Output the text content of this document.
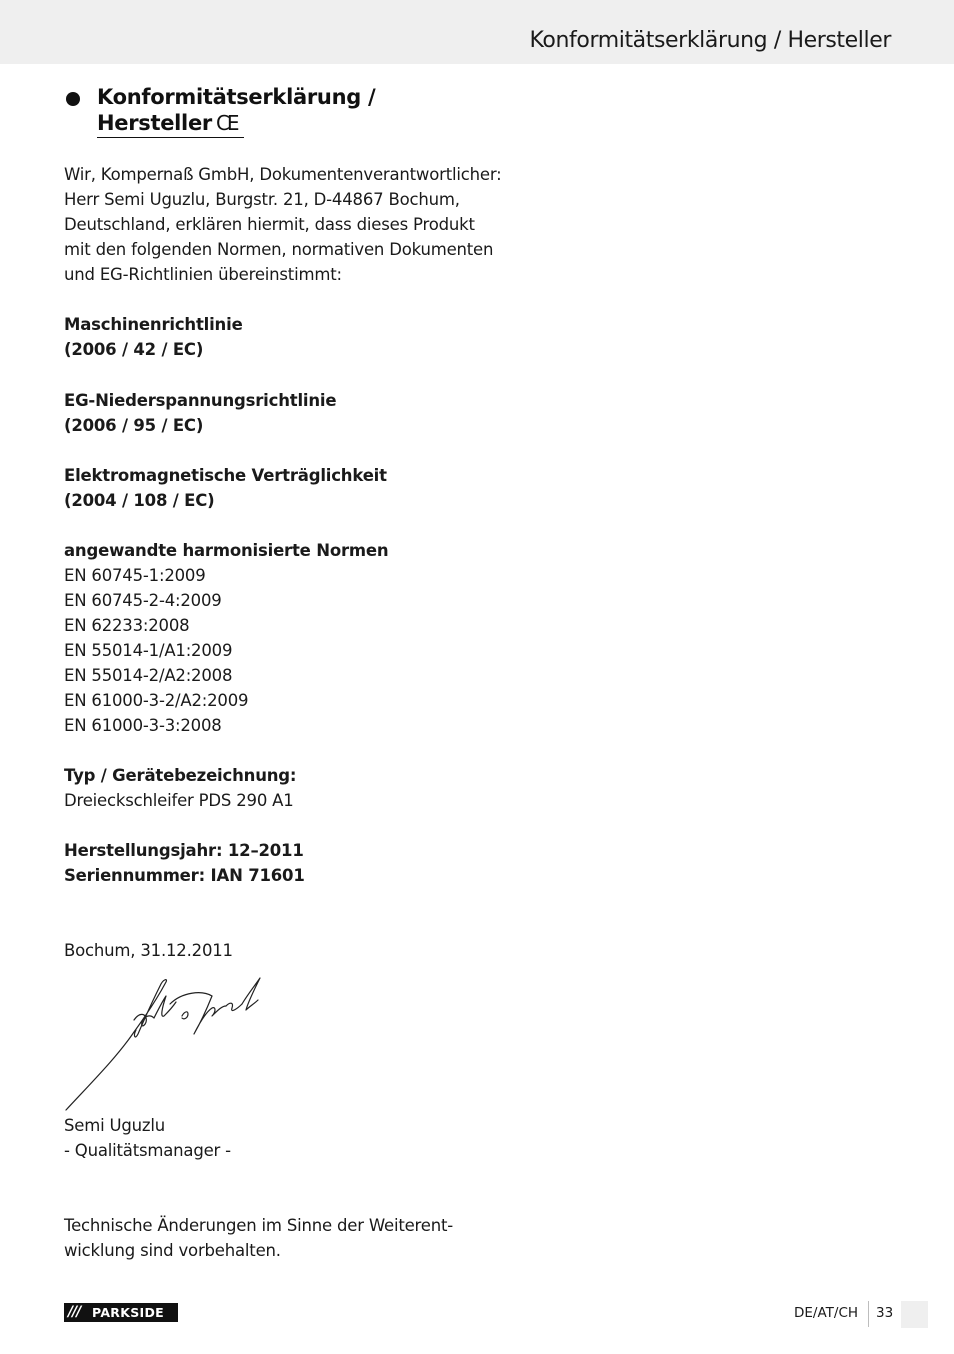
Konformitätserklärung / Hersteller
Konformitätserklärung /
Hersteller CE
Wir, Kompernaß GmbH, Dokumentenverantwortlicher:
Herr Semi Uguzlu, Burgstr. 21, D-44867 Bochum,
Deutschland, erklären hiermit, dass dieses Produkt
mit den folgenden Normen, normativen Dokumenten
und EG-Richtlinien übereinstimmt:
Maschinenrichtlinie
(2006 / 42 / EC)
EG-Niederspannungsrichtlinie
(2006 / 95 / EC)
Elektromagnetische Verträglichkeit
(2004 / 108 / EC)
angewandte harmonisierte Normen
EN 60745-1:2009
EN 60745-2-4:2009
EN 62233:2008
EN 55014-1/A1:2009
EN 55014-2/A2:2008
EN 61000-3-2/A2:2009
EN 61000-3-3:2008
Typ / Gerätebezeichnung:
Dreieckschleifer PDS 290 A1
Herstellungsjahr: 12–2011
Seriennummer: IAN 71601
Bochum, 31.12.2011
Semi Uguzlu
- Qualitätsmanager -
Technische Änderungen im Sinne der Weiterent-
wicklung sind vorbehalten.
/// PARKSIDE	DE/AT/CH 33
